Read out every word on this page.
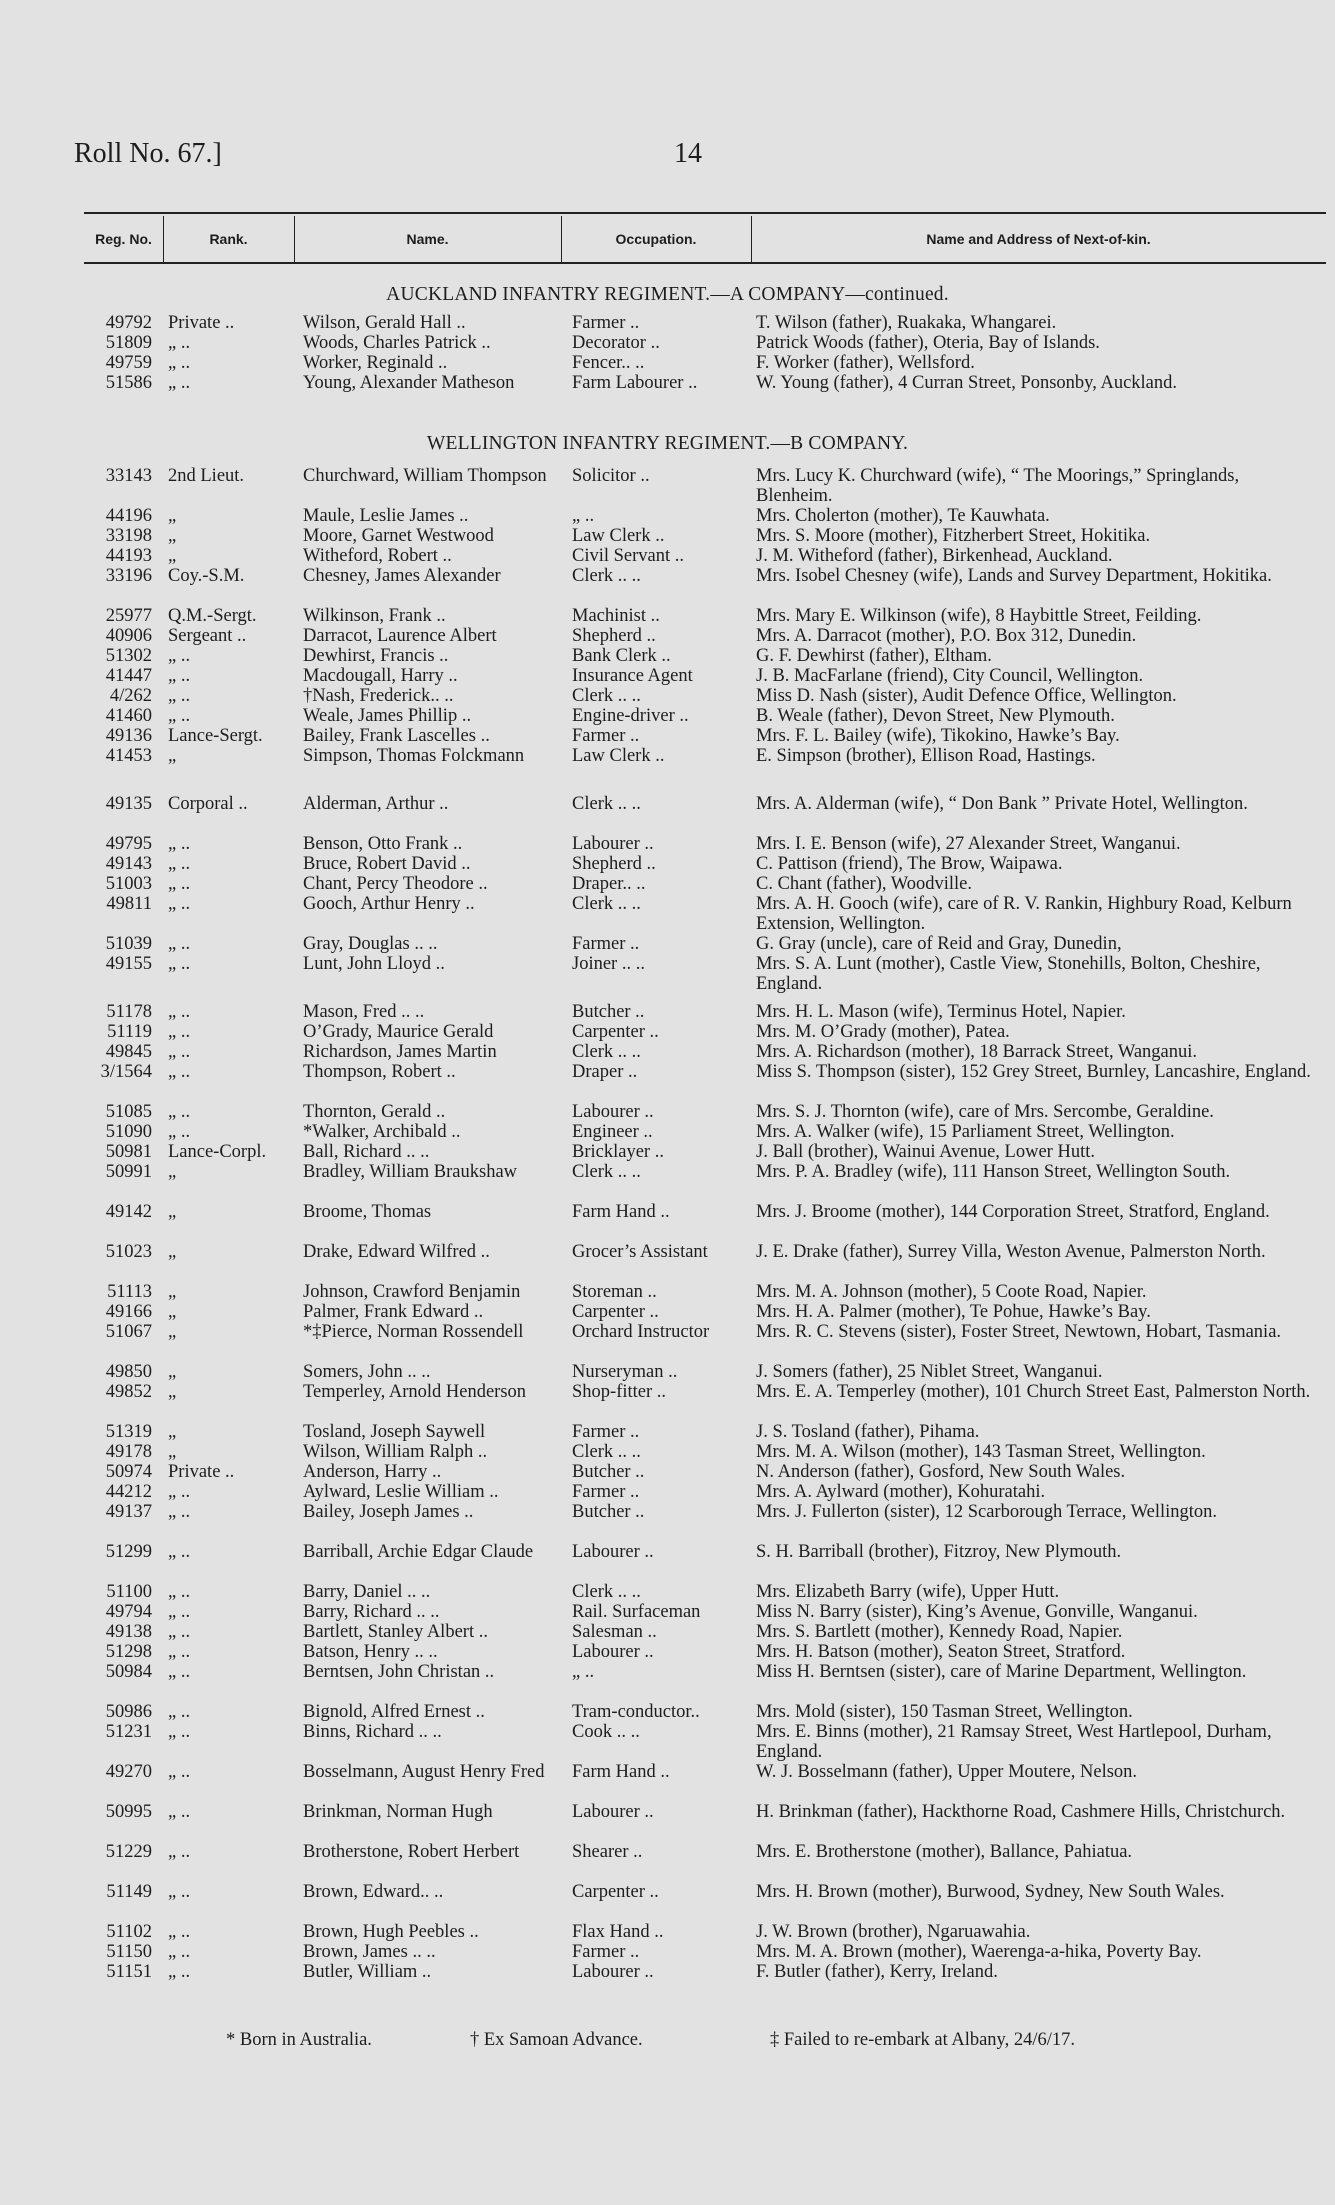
Roll No. 67.]	14
Reg. No.	Rank.	Name.	Occupation.	Name and Address of Next-of-kin.
AUCKLAND INFANTRY REGIMENT.—A COMPANY—continued.
WELLINGTON INFANTRY REGIMENT.—B COMPANY.
49792 Private ..	Wilson, Gerald Hall ..	Farmer ..	T. Wilson (father), Ruakaka, Whangarei.
51809 „ ..	Woods, Charles Patrick ..	Decorator ..	Patrick Woods (father), Oteria, Bay of Islands.
49759 „ ..	Worker, Reginald ..	Fencer.. ..	F. Worker (father), Wellsford.
51586 „ ..	Young, Alexander Matheson	Farm Labourer ..	W. Young (father), 4 Curran Street, Ponsonby, Auckland.
33143 2nd Lieut.	Churchward, William Thompson	Solicitor ..	Mrs. Lucy K. Churchward (wife), “ The Moorings,” Springlands, Blenheim.
44196 „	Maule, Leslie James ..	„ ..	Mrs. Cholerton (mother), Te Kauwhata.
33198 „	Moore, Garnet Westwood	Law Clerk ..	Mrs. S. Moore (mother), Fitzherbert Street, Hokitika.
44193 „	Witheford, Robert ..	Civil Servant ..	J. M. Witheford (father), Birkenhead, Auckland.
33196 Coy.-S.M.	Chesney, James Alexander	Clerk .. ..	Mrs. Isobel Chesney (wife), Lands and Survey Department, Hokitika.
25977 Q.M.-Sergt.	Wilkinson, Frank ..	Machinist ..	Mrs. Mary E. Wilkinson (wife), 8 Haybittle Street, Feilding.
40906 Sergeant ..	Darracot, Laurence Albert	Shepherd ..	Mrs. A. Darracot (mother), P.O. Box 312, Dunedin.
51302 „ ..	Dewhirst, Francis ..	Bank Clerk ..	G. F. Dewhirst (father), Eltham.
41447 „ ..	Macdougall, Harry ..	Insurance Agent	J. B. MacFarlane (friend), City Council, Wellington.
4/262 „ ..	†Nash, Frederick.. ..	Clerk .. ..	Miss D. Nash (sister), Audit Defence Office, Wellington.
41460 „ ..	Weale, James Phillip ..	Engine-driver ..	B. Weale (father), Devon Street, New Plymouth.
49136 Lance-Sergt.	Bailey, Frank Lascelles ..	Farmer ..	Mrs. F. L. Bailey (wife), Tikokino, Hawke’s Bay.
41453 „	Simpson, Thomas Folckmann	Law Clerk ..	E. Simpson (brother), Ellison Road, Hastings.
49135 Corporal ..	Alderman, Arthur ..	Clerk .. ..	Mrs. A. Alderman (wife), “ Don Bank ” Private Hotel, Wellington.
49795 „ ..	Benson, Otto Frank ..	Labourer ..	Mrs. I. E. Benson (wife), 27 Alexander Street, Wanganui.
49143 „ ..	Bruce, Robert David ..	Shepherd ..	C. Pattison (friend), The Brow, Waipawa.
51003 „ ..	Chant, Percy Theodore ..	Draper.. ..	C. Chant (father), Woodville.
49811 „ ..	Gooch, Arthur Henry ..	Clerk .. ..	Mrs. A. H. Gooch (wife), care of R. V. Rankin, Highbury Road, Kelburn Extension, Wellington.
51039 „ ..	Gray, Douglas .. ..	Farmer ..	G. Gray (uncle), care of Reid and Gray, Dunedin,
49155 „ ..	Lunt, John Lloyd ..	Joiner .. ..	Mrs. S. A. Lunt (mother), Castle View, Stonehills, Bolton, Cheshire, England.
51178 „ ..	Mason, Fred .. ..	Butcher ..	Mrs. H. L. Mason (wife), Terminus Hotel, Napier.
51119 „ ..	O’Grady, Maurice Gerald	Carpenter ..	Mrs. M. O’Grady (mother), Patea.
49845 „ ..	Richardson, James Martin	Clerk .. ..	Mrs. A. Richardson (mother), 18 Barrack Street, Wanganui.
3/1564 „ ..	Thompson, Robert ..	Draper ..	Miss S. Thompson (sister), 152 Grey Street, Burnley, Lancashire, England.
51085 „ ..	Thornton, Gerald ..	Labourer ..	Mrs. S. J. Thornton (wife), care of Mrs. Sercombe, Geraldine.
51090 „ ..	*Walker, Archibald ..	Engineer ..	Mrs. A. Walker (wife), 15 Parliament Street, Wellington.
50981 Lance-Corpl.	Ball, Richard .. ..	Bricklayer ..	J. Ball (brother), Wainui Avenue, Lower Hutt.
50991 „	Bradley, William Braukshaw	Clerk .. ..	Mrs. P. A. Bradley (wife), 111 Hanson Street, Wellington South.
49142 „	Broome, Thomas	Farm Hand ..	Mrs. J. Broome (mother), 144 Corporation Street, Stratford, England.
51023 „	Drake, Edward Wilfred ..	Grocer’s Assistant	J. E. Drake (father), Surrey Villa, Weston Avenue, Palmerston North.
51113 „	Johnson, Crawford Benjamin	Storeman ..	Mrs. M. A. Johnson (mother), 5 Coote Road, Napier.
49166 „	Palmer, Frank Edward ..	Carpenter ..	Mrs. H. A. Palmer (mother), Te Pohue, Hawke’s Bay.
51067 „	*‡Pierce, Norman Rossendell	Orchard Instructor	Mrs. R. C. Stevens (sister), Foster Street, Newtown, Hobart, Tasmania.
49850 „	Somers, John .. ..	Nurseryman ..	J. Somers (father), 25 Niblet Street, Wanganui.
49852 „	Temperley, Arnold Henderson	Shop-fitter ..	Mrs. E. A. Temperley (mother), 101 Church Street East, Palmerston North.
51319 „	Tosland, Joseph Saywell	Farmer ..	J. S. Tosland (father), Pihama.
49178 „	Wilson, William Ralph ..	Clerk .. ..	Mrs. M. A. Wilson (mother), 143 Tasman Street, Wellington.
50974 Private ..	Anderson, Harry ..	Butcher ..	N. Anderson (father), Gosford, New South Wales.
44212 „ ..	Aylward, Leslie William ..	Farmer ..	Mrs. A. Aylward (mother), Kohuratahi.
49137 „ ..	Bailey, Joseph James ..	Butcher ..	Mrs. J. Fullerton (sister), 12 Scarborough Terrace, Wellington.
51299 „ ..	Barriball, Archie Edgar Claude	Labourer ..	S. H. Barriball (brother), Fitzroy, New Plymouth.
51100 „ ..	Barry, Daniel .. ..	Clerk .. ..	Mrs. Elizabeth Barry (wife), Upper Hutt.
49794 „ ..	Barry, Richard .. ..	Rail. Surfaceman	Miss N. Barry (sister), King’s Avenue, Gonville, Wanganui.
49138 „ ..	Bartlett, Stanley Albert ..	Salesman ..	Mrs. S. Bartlett (mother), Kennedy Road, Napier.
51298 „ ..	Batson, Henry .. ..	Labourer ..	Mrs. H. Batson (mother), Seaton Street, Stratford.
50984 „ ..	Berntsen, John Christan ..	„ ..	Miss H. Berntsen (sister), care of Marine Department, Wellington.
50986 „ ..	Bignold, Alfred Ernest ..	Tram-conductor..	Mrs. Mold (sister), 150 Tasman Street, Wellington.
51231 „ ..	Binns, Richard .. ..	Cook .. ..	Mrs. E. Binns (mother), 21 Ramsay Street, West Hartlepool, Durham, England.
49270 „ ..	Bosselmann, August Henry Fred	Farm Hand ..	W. J. Bosselmann (father), Upper Moutere, Nelson.
50995 „ ..	Brinkman, Norman Hugh	Labourer ..	H. Brinkman (father), Hackthorne Road, Cashmere Hills, Christchurch.
51229 „ ..	Brotherstone, Robert Herbert	Shearer ..	Mrs. E. Brotherstone (mother), Ballance, Pahiatua.
51149 „ ..	Brown, Edward.. ..	Carpenter ..	Mrs. H. Brown (mother), Burwood, Sydney, New South Wales.
51102 „ ..	Brown, Hugh Peebles ..	Flax Hand ..	J. W. Brown (brother), Ngaruawahia.
51150 „ ..	Brown, James .. ..	Farmer ..	Mrs. M. A. Brown (mother), Waerenga-a-hika, Poverty Bay.
51151 „ ..	Butler, William ..	Labourer ..	F. Butler (father), Kerry, Ireland.
* Born in Australia.	† Ex Samoan Advance.	‡ Failed to re-embark at Albany, 24/6/17.
